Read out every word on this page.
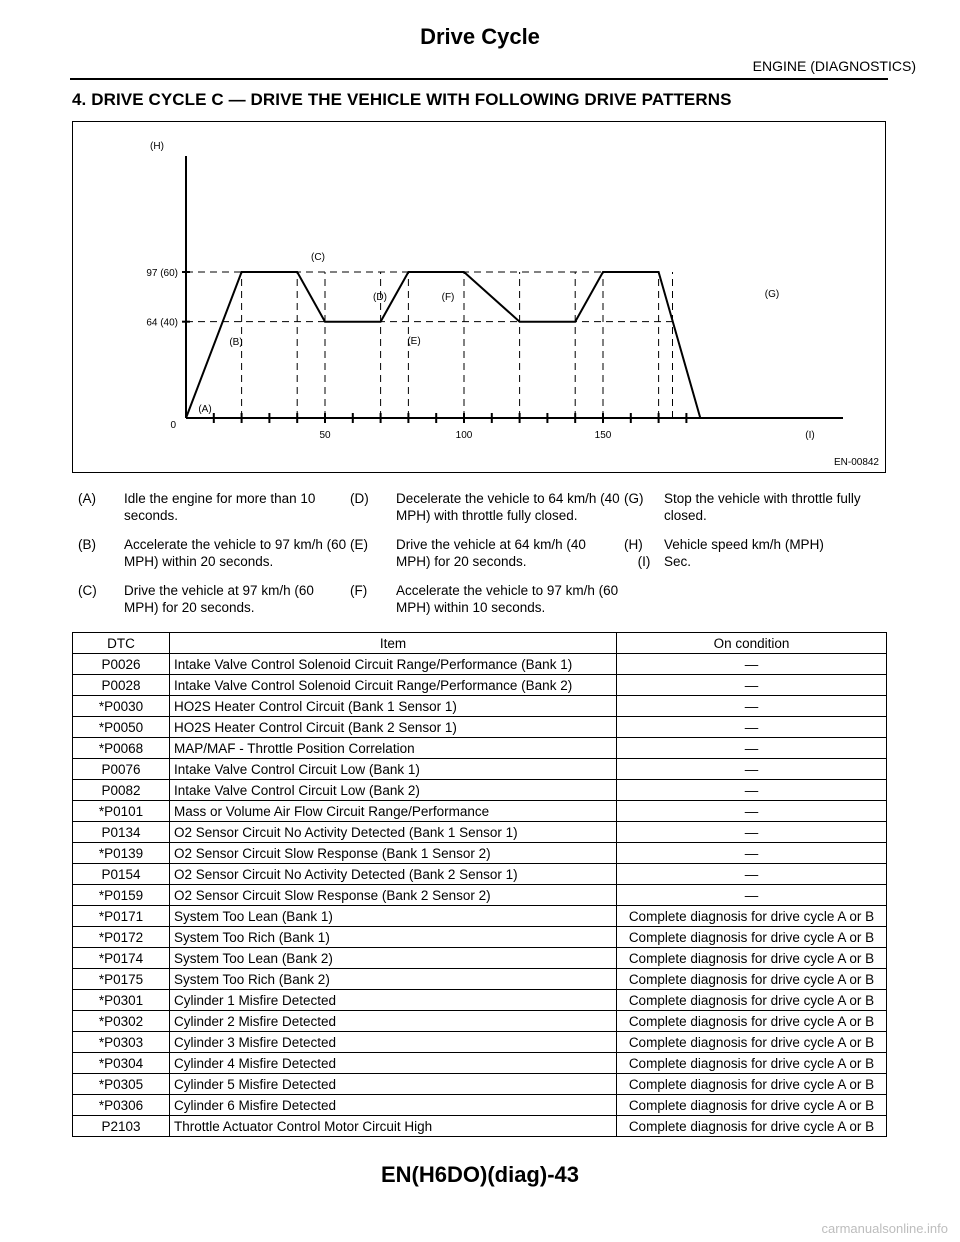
Drive Cycle
ENGINE (DIAGNOSTICS)
4. DRIVE CYCLE C — DRIVE THE VEHICLE WITH FOLLOWING DRIVE PATTERNS
50	100	150
0
64 (40)
97 (60)
(H)
(A)
(B)
(C)
(D)
(E)
(F)	(G)
(I)
EN-00842
(A)	Idle the engine for more than 10 seconds.
(B)	Accelerate the vehicle to 97 km/h (60 MPH) within 20 seconds.
(C)	Drive the vehicle at 97 km/h (60 MPH) for 20 seconds.
(D)	Decelerate the vehicle to 64 km/h (40 MPH) with throttle fully closed.
(E)	Drive the vehicle at 64 km/h (40 MPH) for 20 seconds.
(F)	Accelerate the vehicle to 97 km/h (60 MPH) within 10 seconds.
(G)	Stop the vehicle with throttle fully closed.
(H)	Vehicle speed km/h (MPH)
(I)	Sec.
DTC	Item	On condition
P0026	Intake Valve Control Solenoid Circuit Range/Performance (Bank 1)	—
P0028	Intake Valve Control Solenoid Circuit Range/Performance (Bank 2)	—
*P0030	HO2S Heater Control Circuit (Bank 1 Sensor 1)	—
*P0050	HO2S Heater Control Circuit (Bank 2 Sensor 1)	—
*P0068	MAP/MAF - Throttle Position Correlation	—
P0076	Intake Valve Control Circuit Low (Bank 1)	—
P0082	Intake Valve Control Circuit Low (Bank 2)	—
*P0101	Mass or Volume Air Flow Circuit Range/Performance	—
P0134	O2 Sensor Circuit No Activity Detected (Bank 1 Sensor 1)	—
*P0139	O2 Sensor Circuit Slow Response (Bank 1 Sensor 2)	—
P0154	O2 Sensor Circuit No Activity Detected (Bank 2 Sensor 1)	—
*P0159	O2 Sensor Circuit Slow Response (Bank 2 Sensor 2)	—
*P0171	System Too Lean (Bank 1)	Complete diagnosis for drive cycle A or B
*P0172	System Too Rich (Bank 1)	Complete diagnosis for drive cycle A or B
*P0174	System Too Lean (Bank 2)	Complete diagnosis for drive cycle A or B
*P0175	System Too Rich (Bank 2)	Complete diagnosis for drive cycle A or B
*P0301	Cylinder 1 Misfire Detected	Complete diagnosis for drive cycle A or B
*P0302	Cylinder 2 Misfire Detected	Complete diagnosis for drive cycle A or B
*P0303	Cylinder 3 Misfire Detected	Complete diagnosis for drive cycle A or B
*P0304	Cylinder 4 Misfire Detected	Complete diagnosis for drive cycle A or B
*P0305	Cylinder 5 Misfire Detected	Complete diagnosis for drive cycle A or B
*P0306	Cylinder 6 Misfire Detected	Complete diagnosis for drive cycle A or B
P2103	Throttle Actuator Control Motor Circuit High	Complete diagnosis for drive cycle A or B
EN(H6DO)(diag)-43
carmanualsonline.info
